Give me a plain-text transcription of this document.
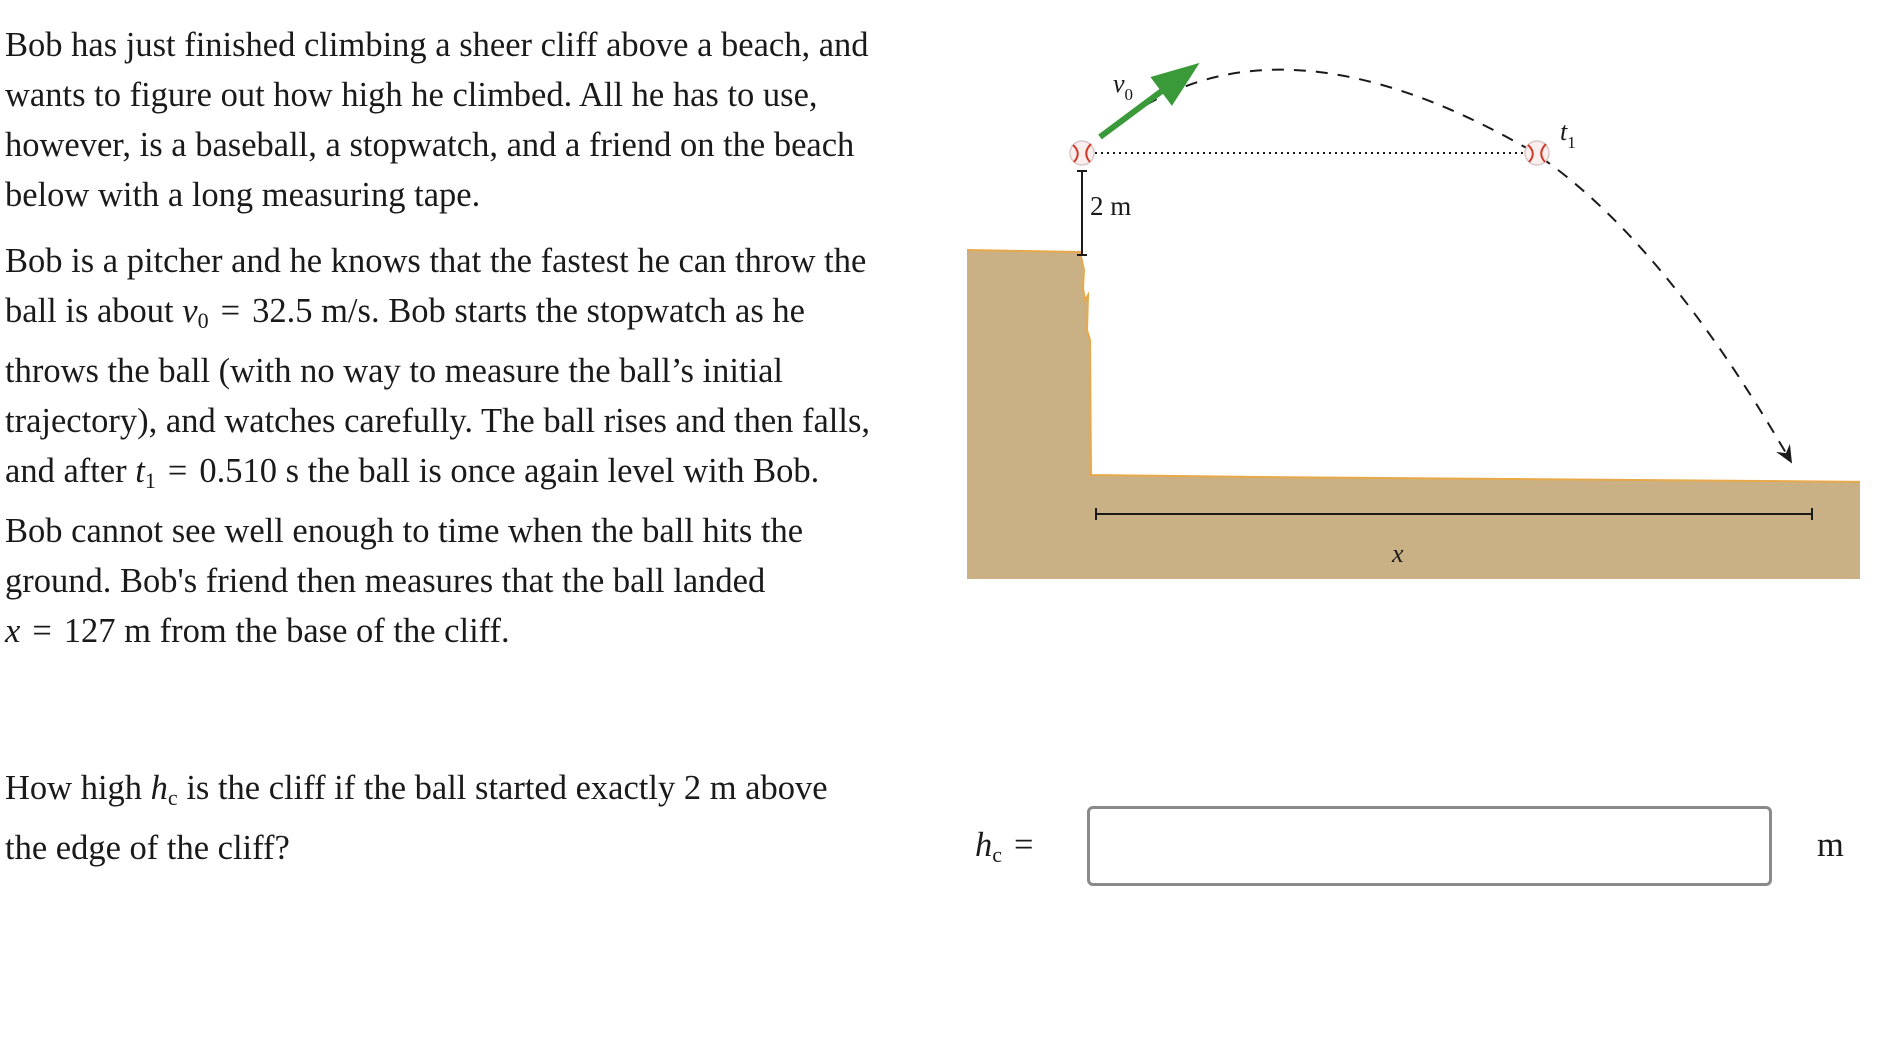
Bob has just finished climbing a sheer cliff above a beach, and wants to figure out how high he climbed. All he has to use, however, is a baseball, a stopwatch, and a friend on the beach below with a long measuring tape.

Bob is a pitcher and he knows that the fastest he can throw the ball is about $v_0 = 32.5$ m/s. Bob starts the stopwatch as he throws the ball (with no way to measure the ball’s initial trajectory), and watches carefully. The ball rises and then falls, and after $t_1 = 0.510$ s the ball is once again level with Bob. Bob cannot see well enough to time when the ball hits the ground. Bob's friend then measures that the ball landed
x = 127 m from the base of the cliff.

2 m
$v_0$
$t_1$
x
How high $h_c$ is the cliff if the ball started exactly 2 m above the edge of the cliff?	$h_c$ =	m
